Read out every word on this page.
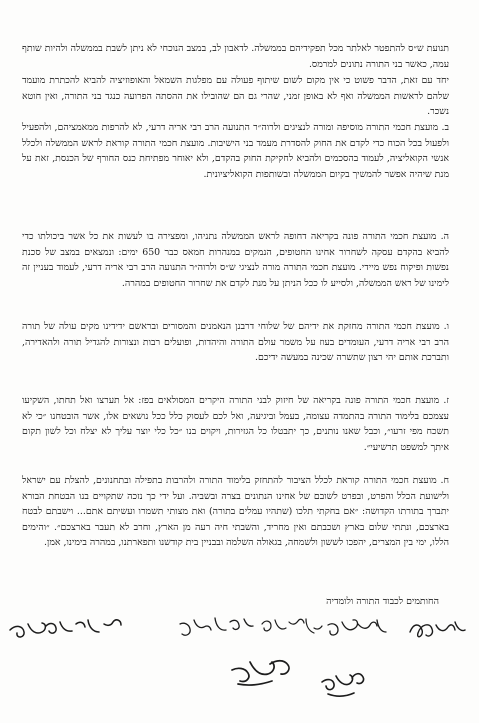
תנועת ש״ס להתפטר לאלתר מכל תפקידיהם בממשלה. לדאבון לב, במצב הנוכחי לא ניתן לשבת בממשלה ולהיות שותף עמה, כאשר בני התורה נתונים למרמס.

יחד עם זאת, הדבר פשוט כי אין מקום לשום שיתוף פעולה עם מפלגות השמאל והאופוזיציה להביא להכתרת מועמד שלהם לראשות הממשלה ואף לא באופן זמני, שהרי גם הם שהובילו את ההסתה הפרועה כנגד בני התורה, ואין חוטא נשכר.

ב. מועצת חכמי התורה מוסיפה ומורה לנציגים ולרוה״ר התנועה הרב רבי אריה דרעי, לא להרפות ממאמציהם, ולהפעיל ולפעול בכל הכוח כדי לקדם את החוק להסדרת מעמד בני הישיבות. מועצת חכמי התורה קוראת לראש הממשלה ולכלל אנשי הקואליציה, לעמוד בהסכמים ולהביא לחקיקת החוק בהקדם, ולא יאוחר מפתיחת כנס החורף של הכנסת, זאת על מנת שיהיה אפשר להמשיך בקיום הממשלה ובשותפות הקואליציונית.

ה. מועצת חכמי התורה פונה בקריאה דחופה לראש הממשלה נתניהו, ומפצירה בו לעשות את כל אשר ביכולתו כדי להביא בהקדם עסקה לשחרור אחינו החטופים, הנמקים במנהרות חמאס כבר 650 ימים: ונמצאים במצב של סכנת נפשות ופיקוח נפש מיידי. מועצת חכמי התורה מורה לנציגי ש״ס ולרוה״ר התנועה הרב רבי אריה דרעי, לעמוד בעניין זה לימינו של ראש הממשלה, ולסייע לו ככל הניתן על מנת לקדם את שחרור החטופים במהרה.

ו. מועצת חכמי התורה מחזקת את ידיהם של שלוחי דרבנן הנאמנים והמסורים ובראשם ידידינו מקים עולה של תורה הרב רבי אריה דרעי, העומדים בעוז על משמר עולם התורה והיהדות, ופועלים רבות ונצורות להגדיל תורה ולהאדירה, ותברכת אותם יהי רצון שתשרה שכינה במעשה ידיכם.

ז. מועצת חכמי התורה פונה בקריאה של חיזוק לבני התורה היקרים המסולאים בפז: אל תערצו ואל תחתו, השקיעו עצמכם בלימוד התורה בהתמדה עצומה, בעמל וביגיעה, ואל לכם לעסוק כלל ככל נושאים אלו, אשר הובטחנו ״כי לא תשכח מפי זרעו״, וכבל שאנו נותנים, כך יתבטלו כל הגזירות, ויקוים בנו ״כל כלי יוצר עליך לא יצלח וכל לשון תקום איתך למשפט תרשיעי״.

ח. מועצת חכמי התורה קוראת לכלל הציבור להתחזק בלימוד התורה ולהרבות בתפילה ובתחנונים, להצלת עם ישראל ולישועת הכלל והפרט, ובפרט לשובם של אחינו הנתונים בצרה ובשביה. ועל ידי כך נזכה שתקויים בנו הבטחת הבורא יתברך בתורתו הקדושה: ״אם בחקתי תלכו (שתהיו עמלים בתורה) ואת מצותי תשמרו ועשיתם אתם... וישבתם לבטח בארצכם, ונתתי שלום בארץ ושכבתם ואין מחריד, והשבתי חיה רעה מן הארץ, וחרב לא תעבר בארצכם״. ״והימים הללו, ימי בין המצרים, יהפכו לששון ולשמחה, בגאולה השלמה ובבניין בית קודשנו ותפארתנו, במהרה בימינו, אמן.

החותמים לכבוד התורה ולומדיה
